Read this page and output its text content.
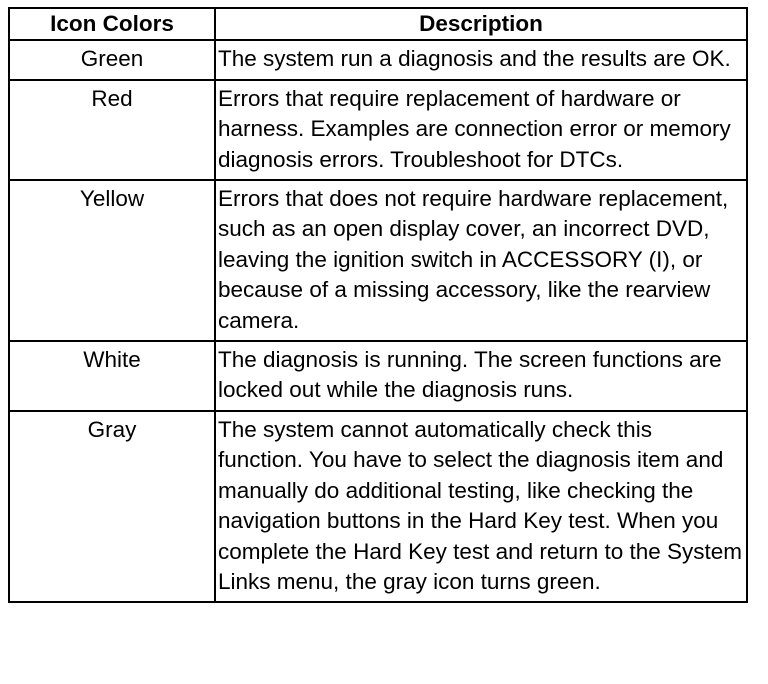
Icon Colors	Description
Green	The system run a diagnosis and the results are OK.
Red	Errors that require replacement of hardware or harness. Examples are connection error or memory diagnosis errors. Troubleshoot for DTCs.
Yellow	Errors that does not require hardware replacement, such as an open display cover, an incorrect DVD, leaving the ignition switch in ACCESSORY (I), or because of a missing accessory, like the rearview camera.
White	The diagnosis is running. The screen functions are locked out while the diagnosis runs.
Gray	The system cannot automatically check this function. You have to select the diagnosis item and manually do additional testing, like checking the navigation buttons in the Hard Key test. When you complete the Hard Key test and return to the System Links menu, the gray icon turns green.
